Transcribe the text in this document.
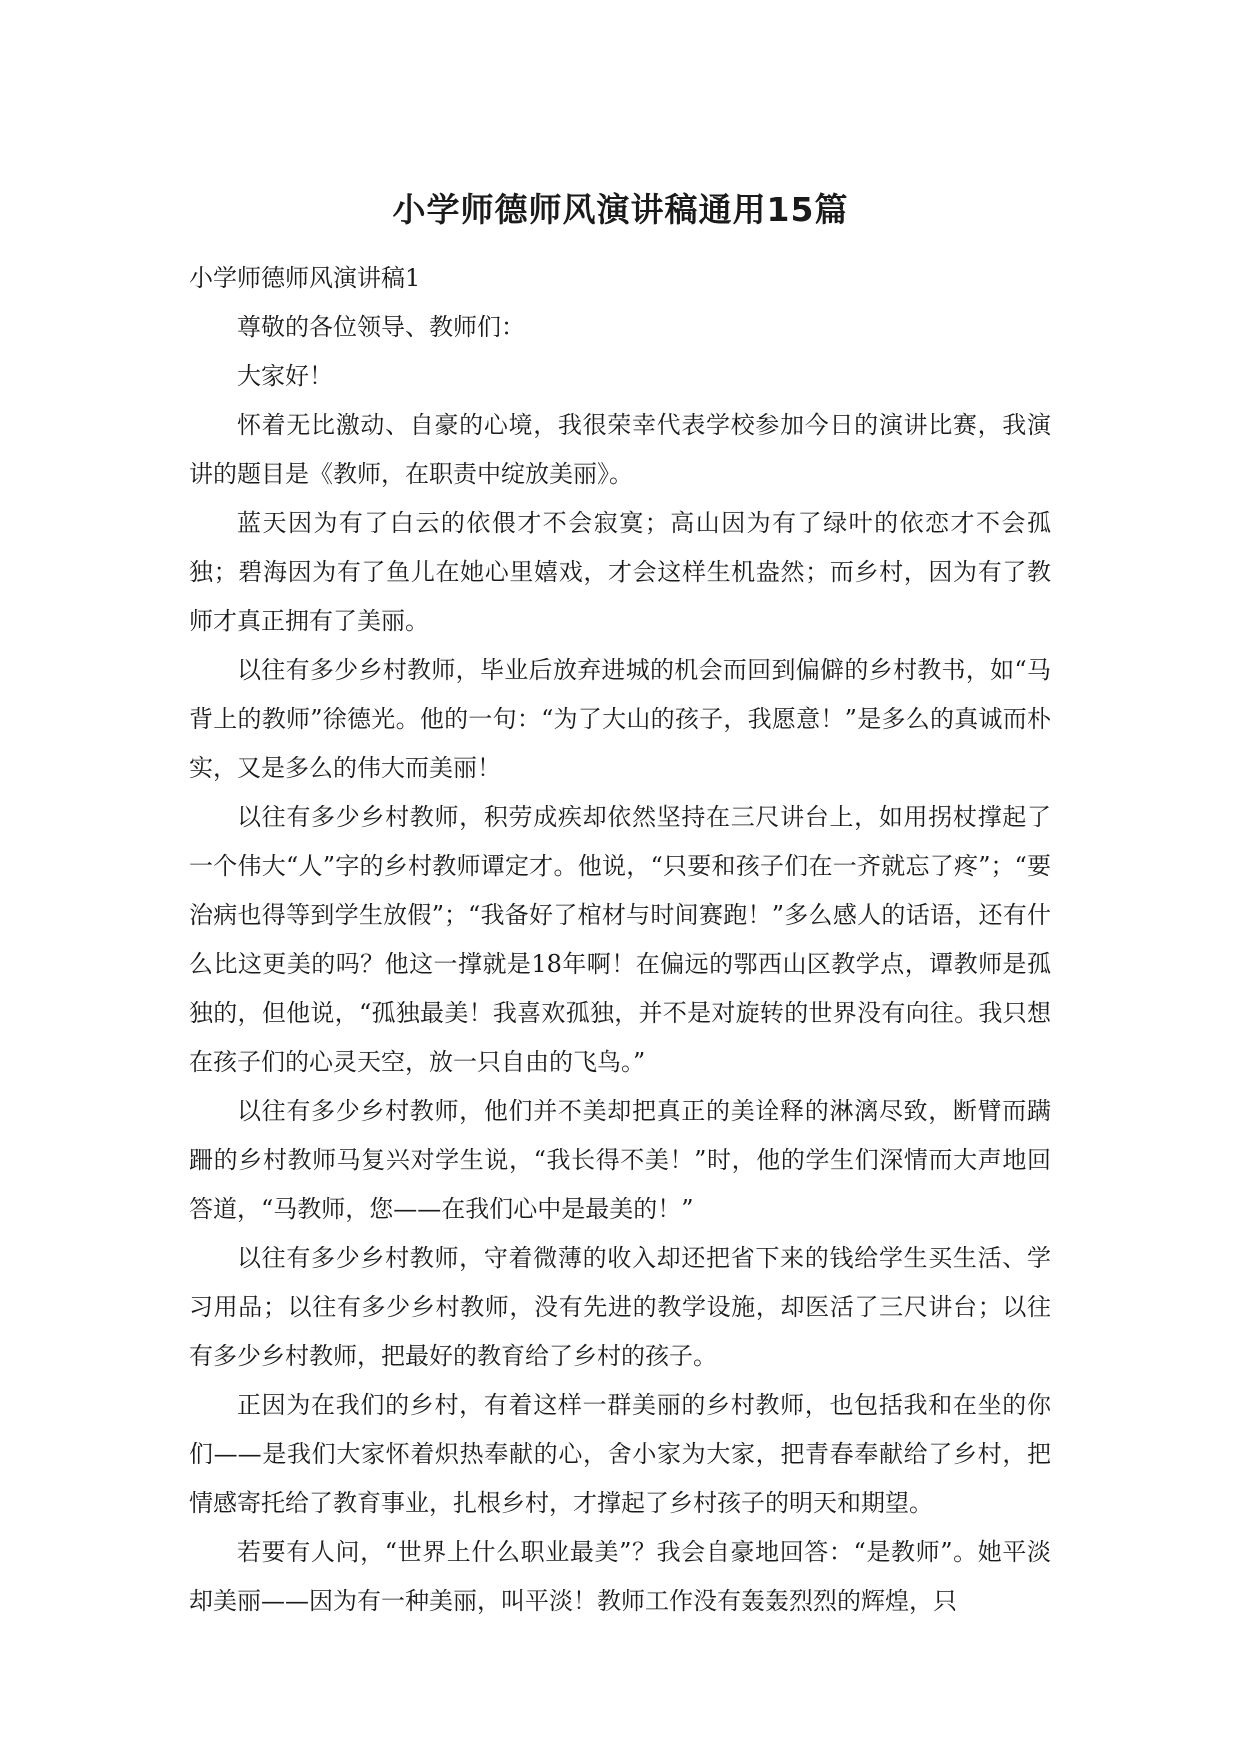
小学师德师风演讲稿通用15篇

小学师德师风演讲稿1

尊敬的各位领导、教师们：

大家好！

怀着无比激动、自豪的心境，我很荣幸代表学校参加今日的演讲比赛，我演讲的题目是《教师，在职责中绽放美丽》。

蓝天因为有了白云的依偎才不会寂寞；高山因为有了绿叶的依恋才不会孤独；碧海因为有了鱼儿在她心里嬉戏，才会这样生机盎然；而乡村，因为有了教师才真正拥有了美丽。

以往有多少乡村教师，毕业后放弃进城的机会而回到偏僻的乡村教书，如“马背上的教师”徐德光。他的一句：“为了大山的孩子，我愿意！”是多么的真诚而朴实，又是多么的伟大而美丽！

以往有多少乡村教师，积劳成疾却依然坚持在三尺讲台上，如用拐杖撑起了一个伟大“人”字的乡村教师谭定才。他说，“只要和孩子们在一齐就忘了疼”；“要治病也得等到学生放假”；“我备好了棺材与时间赛跑！”多么感人的话语，还有什么比这更美的吗？他这一撑就是18年啊！在偏远的鄂西山区教学点，谭教师是孤独的，但他说，“孤独最美！我喜欢孤独，并不是对旋转的世界没有向往。我只想在孩子们的心灵天空，放一只自由的飞鸟。”

以往有多少乡村教师，他们并不美却把真正的美诠释的淋漓尽致，断臂而蹒跚的乡村教师马复兴对学生说，“我长得不美！”时，他的学生们深情而大声地回答道，“马教师，您——在我们心中是最美的！”

以往有多少乡村教师，守着微薄的收入却还把省下来的钱给学生买生活、学习用品；以往有多少乡村教师，没有先进的教学设施，却医活了三尺讲台；以往有多少乡村教师，把最好的教育给了乡村的孩子。

正因为在我们的乡村，有着这样一群美丽的乡村教师，也包括我和在坐的你们——是我们大家怀着炽热奉献的心，舍小家为大家，把青春奉献给了乡村，把情感寄托给了教育事业，扎根乡村，才撑起了乡村孩子的明天和期望。

若要有人问，“世界上什么职业最美”？我会自豪地回答：“是教师”。她平淡却美丽——因为有一种美丽，叫平淡！教师工作没有轰轰烈烈的辉煌，只
